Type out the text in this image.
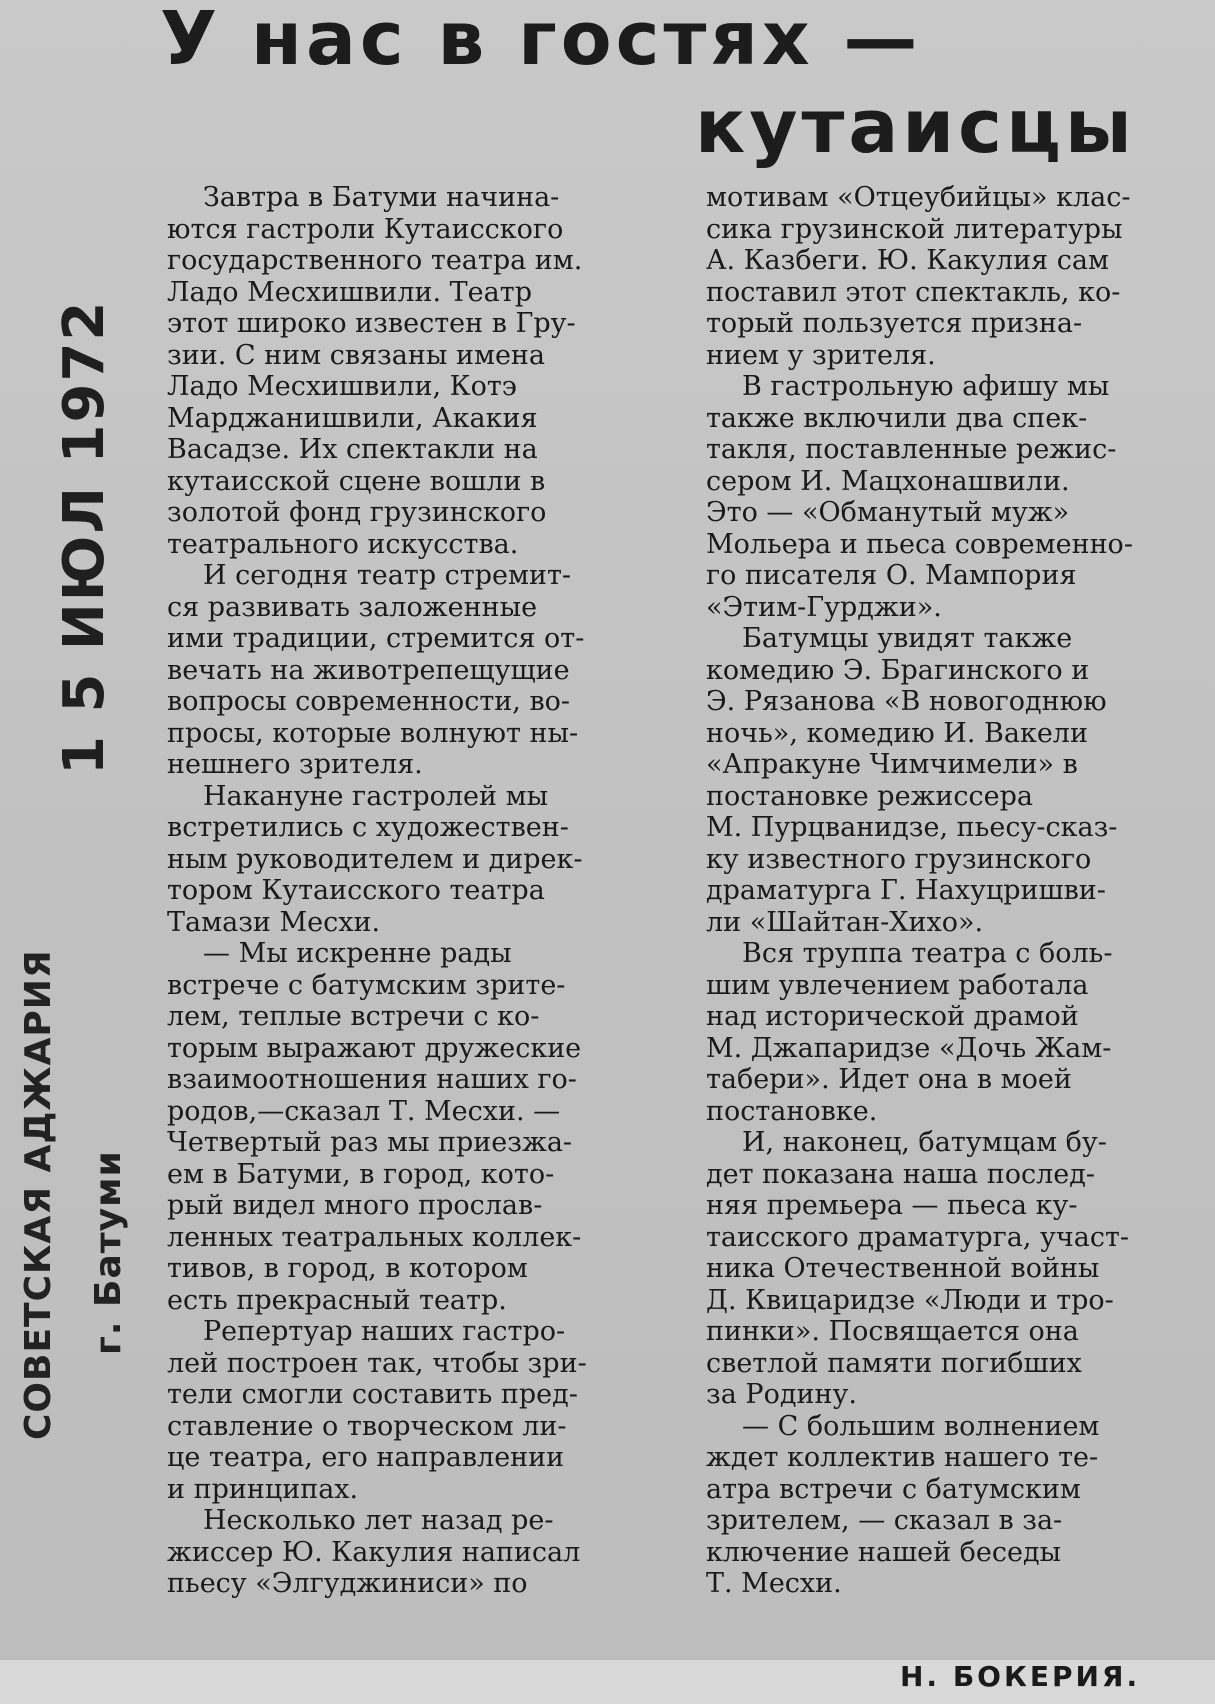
У нас в гостях —
кутаисцы
1 5 ИЮЛ 1972
СОВЕТСКАЯ АДЖАРИЯ г. Батуми
Завтра в Батуми начина-
ются гастроли Кутаисского
государственного театра им.
Ладо Месхишвили. Театр
этот широко известен в Гру-
зии. С ним связаны имена
Ладо Месхишвили, Котэ
Марджанишвили, Акакия
Васадзе. Их спектакли на
кутаисской сцене вошли в
золотой фонд грузинского
театрального искусства.
И сегодня театр стремит-
ся развивать заложенные
ими традиции, стремится от-
вечать на животрепещущие
вопросы современности, во-
просы, которые волнуют ны-
нешнего зрителя.
Накануне гастролей мы
встретились с художествен-
ным руководителем и дирек-
тором Кутаисского театра
Тамази Месхи.
— Мы искренне рады
встрече с батумским зрите-
лем, теплые встречи с ко-
торым выражают дружеские
взаимоотношения наших го-
родов,—сказал Т. Месхи. —
Четвертый раз мы приезжа-
ем в Батуми, в город, кото-
рый видел много прослав-
ленных театральных коллек-
тивов, в город, в котором
есть прекрасный театр.
Репертуар наших гастро-
лей построен так, чтобы зри-
тели смогли составить пред-
ставление о творческом ли-
це театра, его направлении
и принципах.
Несколько лет назад ре-
жиссер Ю. Какулия написал
пьесу «Элгуджиниси» по
мотивам «Отцеубийцы» клас-
сика грузинской литературы
А. Казбеги. Ю. Какулия сам
поставил этот спектакль, ко-
торый пользуется призна-
нием у зрителя.
В гастрольную афишу мы
также включили два спек-
такля, поставленные режис-
сером И. Мацхонашвили.
Это — «Обманутый муж»
Мольера и пьеса современно-
го писателя О. Мампория
«Этим-Гурджи».
Батумцы увидят также
комедию Э. Брагинского и
Э. Рязанова «В новогоднюю
ночь», комедию И. Вакели
«Апракуне Чимчимели» в
постановке режиссера
М. Пурцванидзе, пьесу-сказ-
ку известного грузинского
драматурга Г. Нахуцришви-
ли «Шайтан-Хихо».
Вся труппа театра с боль-
шим увлечением работала
над исторической драмой
М. Джапаридзе «Дочь Жам-
табери». Идет она в моей
постановке.
И, наконец, батумцам бу-
дет показана наша послед-
няя премьера — пьеса ку-
таисского драматурга, участ-
ника Отечественной войны
Д. Квицаридзе «Люди и тро-
пинки». Посвящается она
светлой памяти погибших
за Родину.
— С большим волнением
ждет коллектив нашего те-
атра встречи с батумским
зрителем, — сказал в за-
ключение нашей беседы
Т. Месхи.
Н. БОКЕРИЯ.
